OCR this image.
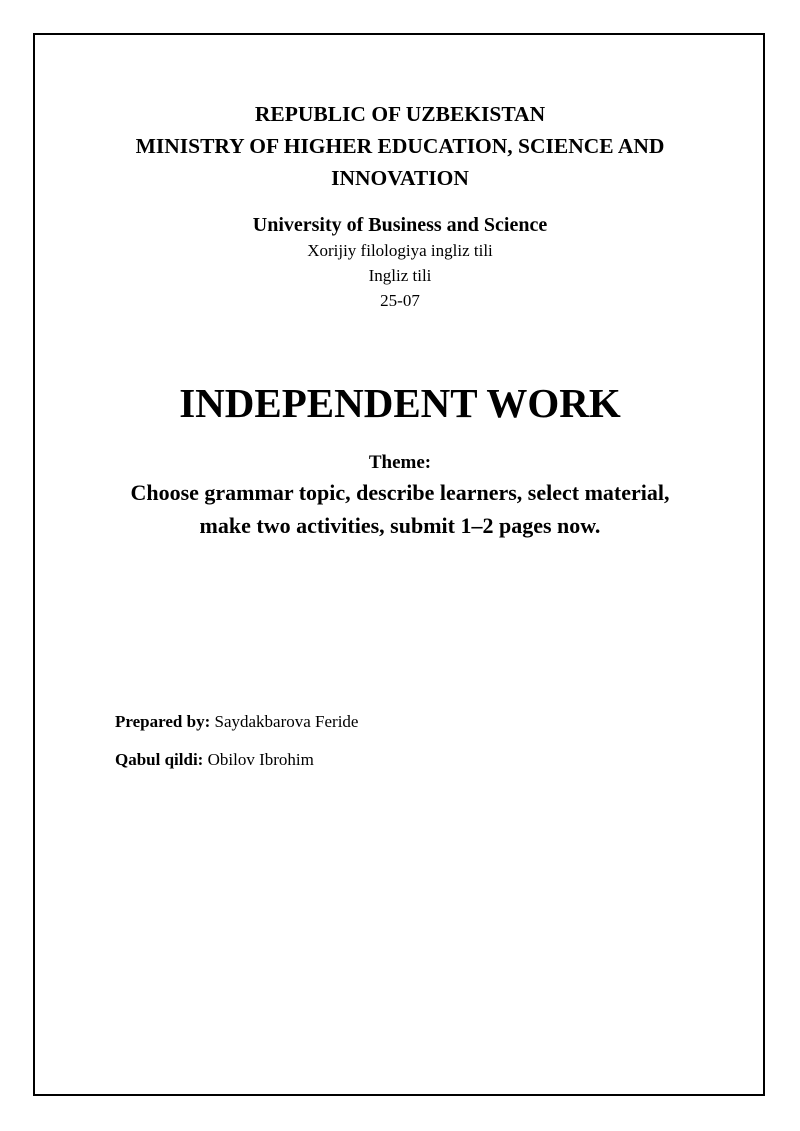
REPUBLIC OF UZBEKISTAN
MINISTRY OF HIGHER EDUCATION, SCIENCE AND
INNOVATION
University of Business and Science
Xorijiy filologiya ingliz tili
Ingliz tili
25-07
INDEPENDENT WORK
Theme:
Choose grammar topic, describe learners, select material,
make two activities, submit 1–2 pages now.
Prepared by: Saydakbarova Feride
Qabul qildi: Obilov Ibrohim
